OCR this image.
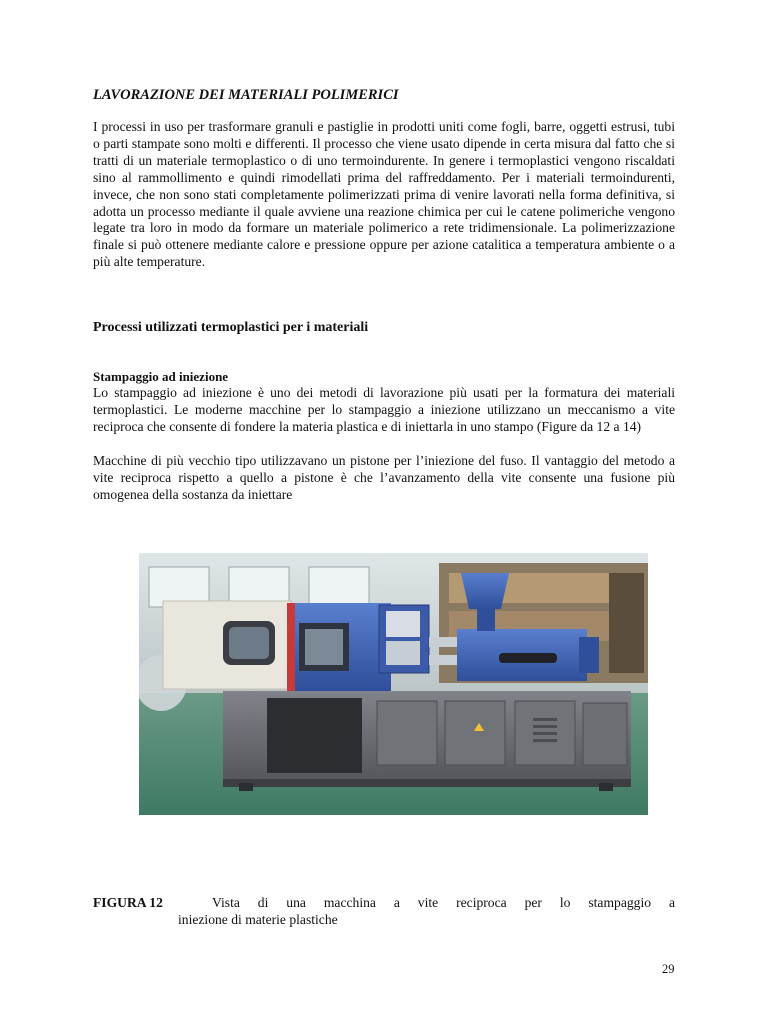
LAVORAZIONE DEI MATERIALI POLIMERICI

I processi in uso per trasformare granuli e pastiglie in prodotti uniti come fogli, barre, oggetti estrusi, tubi o parti stampate sono molti e differenti. Il processo che viene usato dipende in certa misura dal fatto che si tratti di un materiale termoplastico o di uno termoindurente. In genere i termoplastici vengono riscaldati sino al rammollimento e quindi rimodellati prima del raffreddamento. Per i materiali termoindurenti, invece, che non sono stati completamente polimerizzati prima di venire lavorati nella forma definitiva, si adotta un processo mediante il quale avviene una reazione chimica per cui le catene polimeriche vengono legate tra loro in modo da formare un materiale polimerico a rete tridimensionale. La polimerizzazione finale si può ottenere mediante calore e pressione oppure per azione catalitica a temperatura ambiente o a più alte temperature.

Processi utilizzati termoplastici per i materiali
Stampaggio ad iniezione

Lo stampaggio ad iniezione è uno dei metodi di lavorazione più usati per la formatura dei materiali termoplastici. Le moderne macchine per lo stampaggio a iniezione utilizzano un meccanismo a vite reciproca che consente di fondere la materia plastica e di iniettarla in uno stampo (Figure da 12 a 14)

Macchine di più vecchio tipo utilizzavano un pistone per l’iniezione del fuso. Il vantaggio del metodo a vite reciproca rispetto a quello a pistone è che l’avanzamento della vite consente una fusione più omogenea della sostanza da iniettare

FIGURA 12	Vista di una macchina a vite reciproca per lo stampaggio a
iniezione di materie plastiche
29
